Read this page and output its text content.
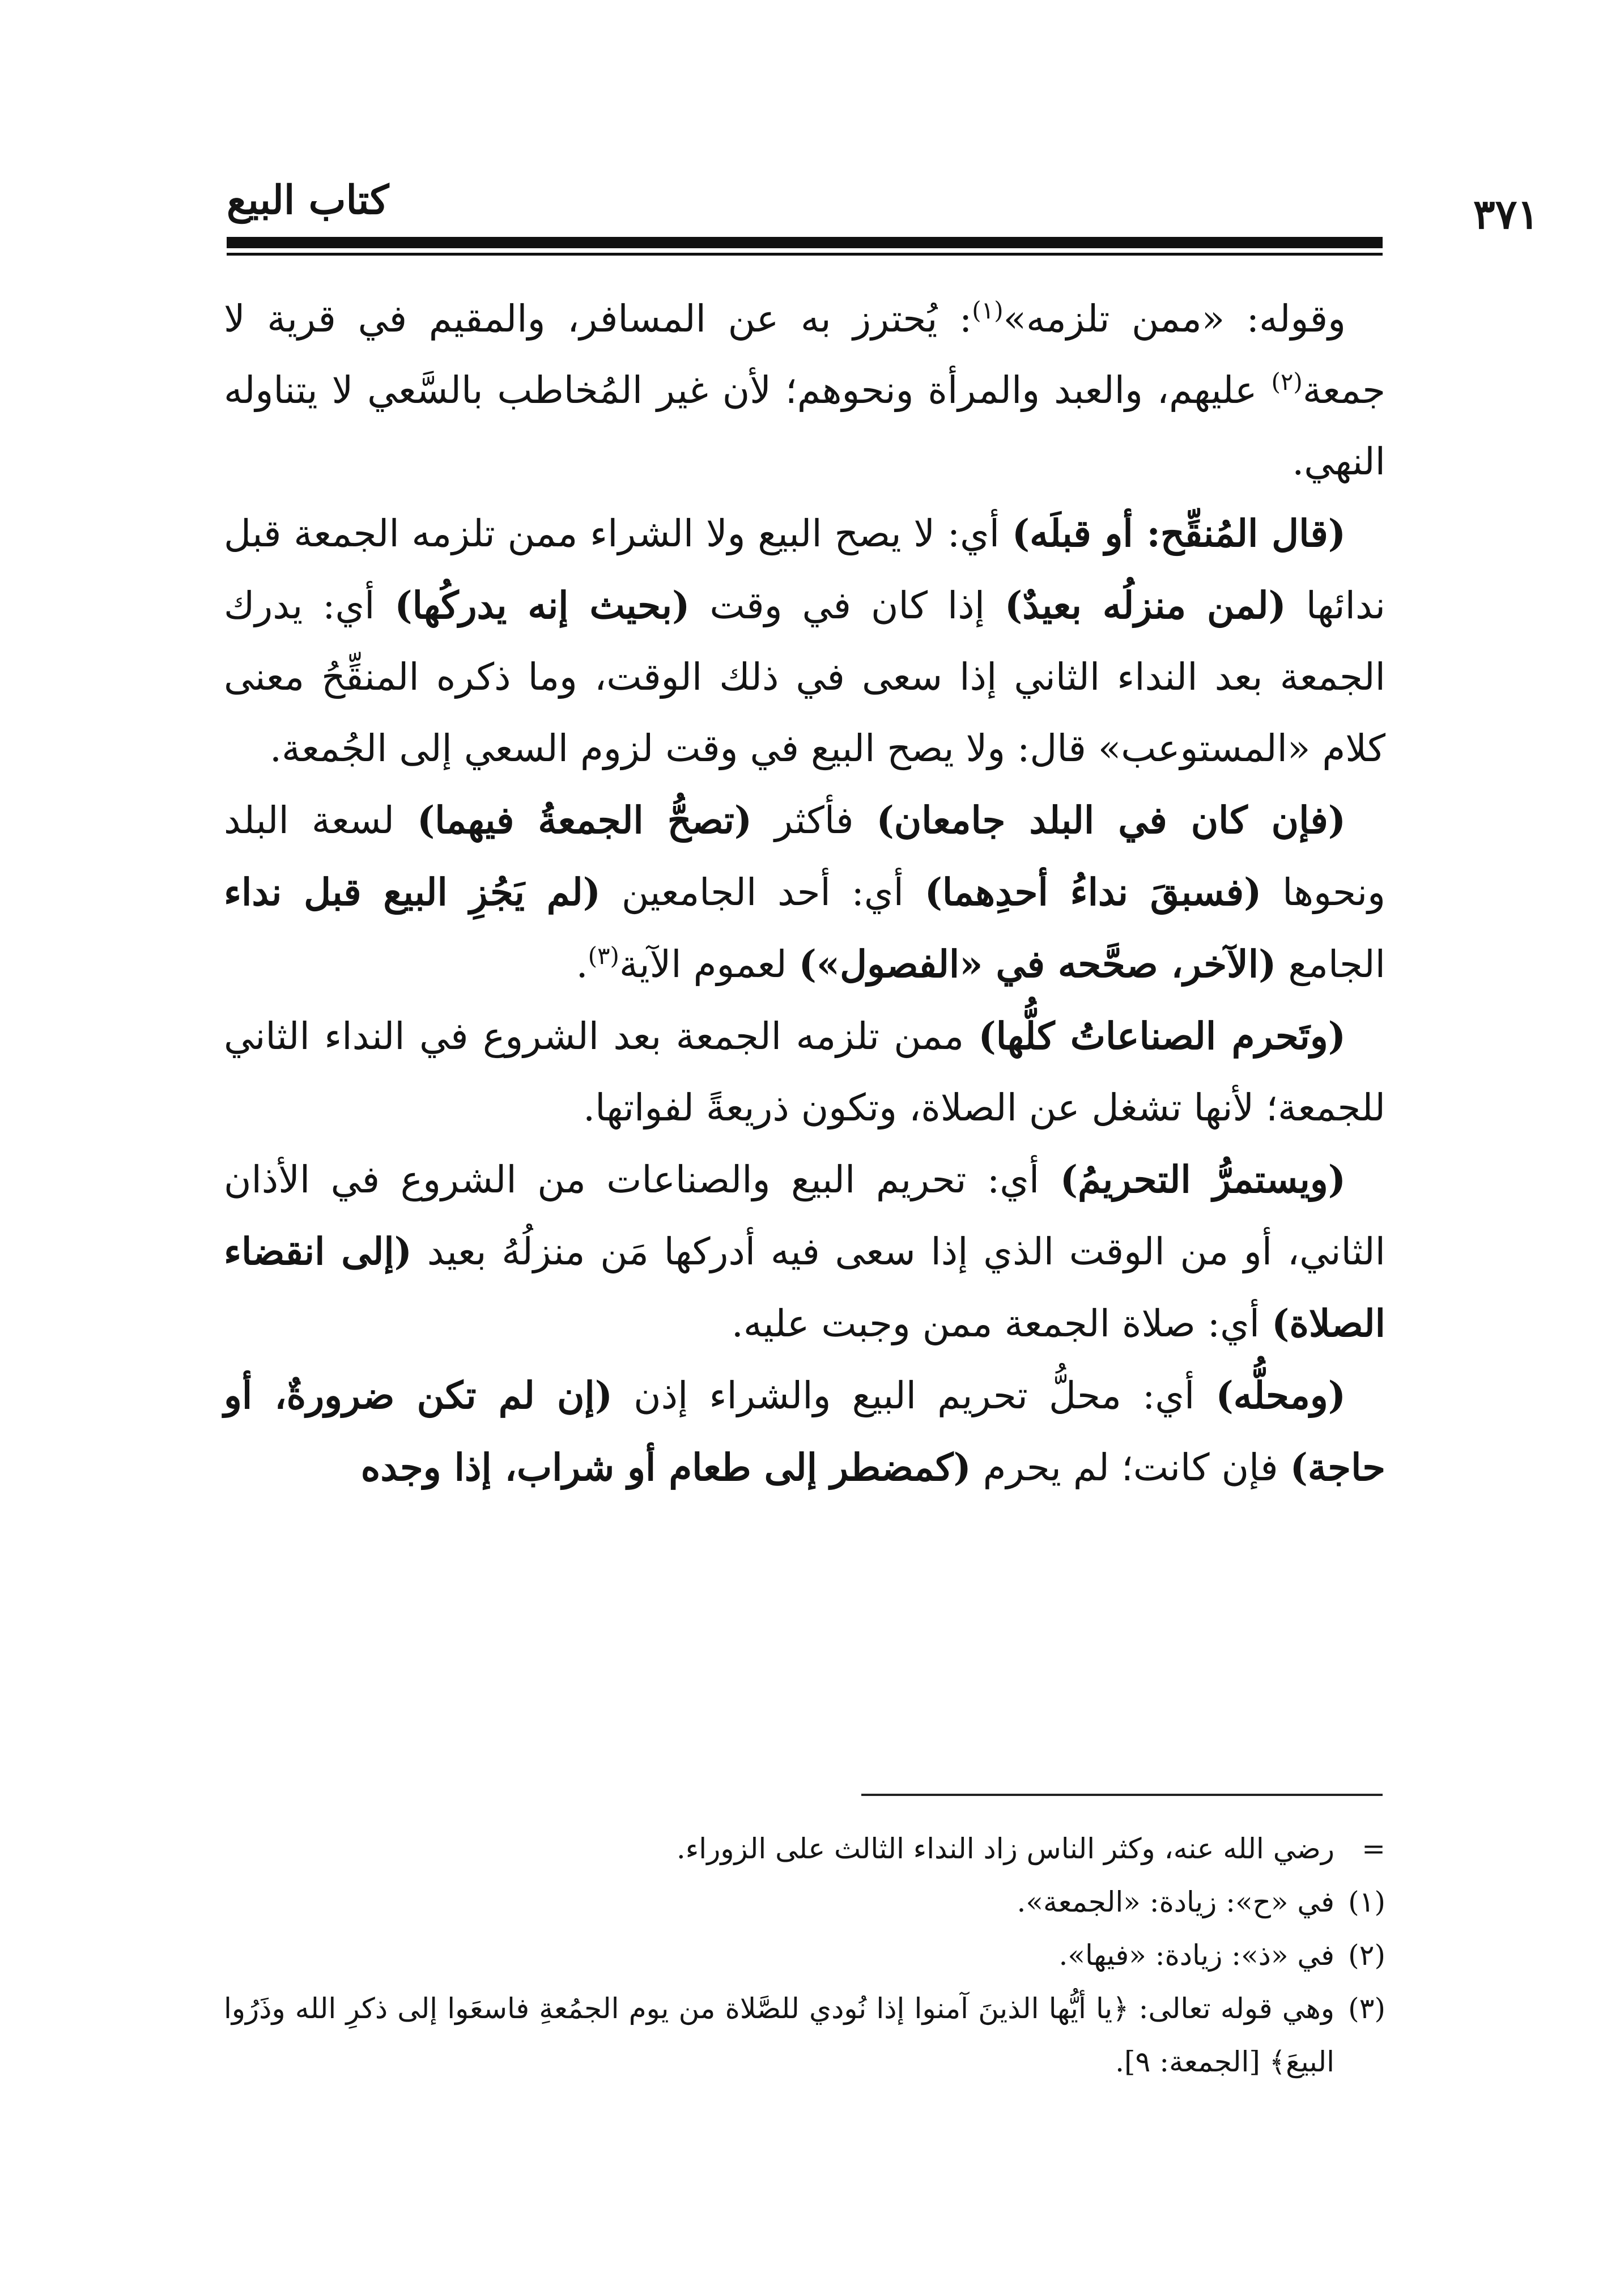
٣٧١
كتاب البيع

وقوله: «ممن تلزمه»$^{(١)}$: يُحترز به عن المسافر، والمقيم في قرية لا جمعة$^{(٢)}$ عليهم، والعبد والمرأة ونحوهم؛ لأن غير المُخاطب بالسَّعي لا يتناوله النهي.

(قال المُنقِّح: أو قبلَه) أي: لا يصح البيع ولا الشراء ممن تلزمه الجمعة قبل ندائها (لمن منزلُه بعيدٌ) إذا كان في وقت (بحيث إنه يدركُها) أي: يدرك الجمعة بعد النداء الثاني إذا سعى في ذلك الوقت، وما ذكره المنقِّحُ معنى كلام «المستوعب» قال: ولا يصح البيع في وقت لزوم السعي إلى الجُمعة.

(فإن كان في البلد جامعان) فأكثر (تصحُّ الجمعةُ فيهما) لسعة البلد ونحوها (فسبقَ نداءُ أحدِهما) أي: أحد الجامعين (لم يَجُزِ البيع قبل نداء الجامع (الآخر، صحَّحه في «الفصول») لعموم الآية$^{(٣)}$.

(وتَحرم الصناعاتُ كلُّها) ممن تلزمه الجمعة بعد الشروع في النداء الثاني للجمعة؛ لأنها تشغل عن الصلاة، وتكون ذريعةً لفواتها.

(ويستمرُّ التحريمُ) أي: تحريم البيع والصناعات من الشروع في الأذان الثاني، أو من الوقت الذي إذا سعى فيه أدركها مَن منزلُهُ بعيد (إلى انقضاء الصلاة) أي: صلاة الجمعة ممن وجبت عليه.

(ومحلُّه) أي: محلُّ تحريم البيع والشراء إذن (إن لم تكن ضرورةٌ، أو حاجة) فإن كانت؛ لم يحرم (كمضطر إلى طعام أو شراب، إذا وجده

=
رضي الله عنه، وكثر الناس زاد النداء الثالث على الزوراء.
(١)
في «ح»: زيادة: «الجمعة».
(٢)
في «ذ»: زيادة: «فيها».
(٣)
وهي قوله تعالى: ﴿يا أيُّها الذينَ آمنوا إذا نُودي للصَّلاة من يوم الجمُعةِ فاسعَوا إلى ذكرِ الله وذَرُوا البيعَ﴾ [الجمعة: ٩].
